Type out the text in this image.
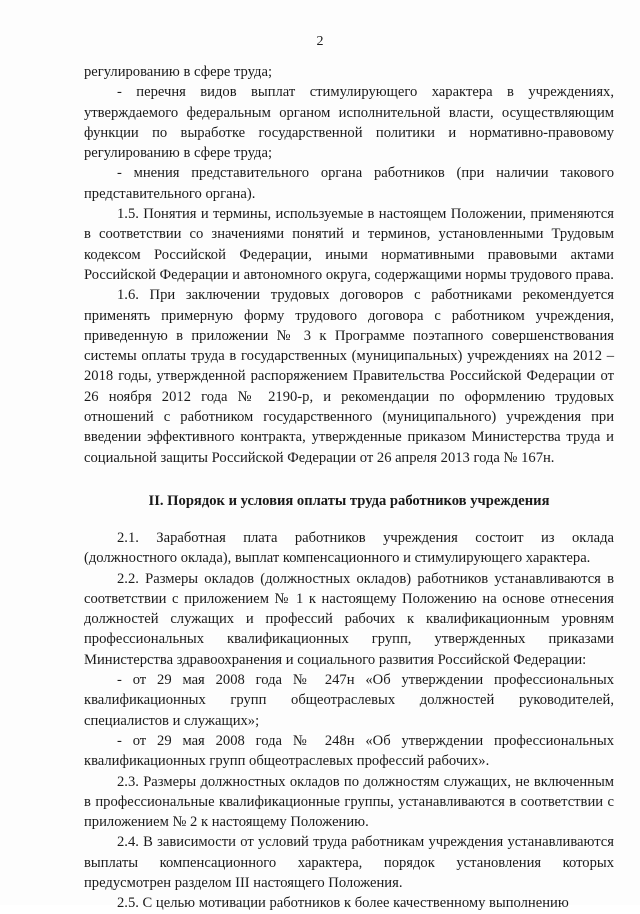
2

регулированию в сфере труда;

- перечня видов выплат стимулирующего характера в учреждениях, утверждаемого федеральным органом исполнительной власти, осуществляющим функции по выработке государственной политики и нормативно-правовому регулированию в сфере труда;

- мнения представительного органа работников (при наличии такового представительного органа).

1.5. Понятия и термины, используемые в настоящем Положении, применяются в соответствии со значениями понятий и терминов, установленными Трудовым кодексом Российской Федерации, иными нормативными правовыми актами Российской Федерации и автономного округа, содержащими нормы трудового права.

1.6. При заключении трудовых договоров с работниками рекомендуется применять примерную форму трудового договора с работником учреждения, приведенную в приложении № 3 к Программе поэтапного совершенствования системы оплаты труда в государственных (муниципальных) учреждениях на 2012 – 2018 годы, утвержденной распоряжением Правительства Российской Федерации от 26 ноября 2012 года № 2190-р, и рекомендации по оформлению трудовых отношений с работником государственного (муниципального) учреждения при введении эффективного контракта, утвержденные приказом Министерства труда и социальной защиты Российской Федерации от 26 апреля 2013 года № 167н.

II. Порядок и условия оплаты труда работников учреждения

2.1. Заработная плата работников учреждения состоит из оклада (должностного оклада), выплат компенсационного и стимулирующего характера.

2.2. Размеры окладов (должностных окладов) работников устанавливаются в соответствии с приложением № 1 к настоящему Положению на основе отнесения должностей служащих и профессий рабочих к квалификационным уровням профессиональных квалификационных групп, утвержденных приказами Министерства здравоохранения и социального развития Российской Федерации:

- от 29 мая 2008 года № 247н «Об утверждении профессиональных квалификационных групп общеотраслевых должностей руководителей, специалистов и служащих»;

- от 29 мая 2008 года № 248н «Об утверждении профессиональных квалификационных групп общеотраслевых профессий рабочих».

2.3. Размеры должностных окладов по должностям служащих, не включенным в профессиональные квалификационные группы, устанавливаются в соответствии с приложением № 2 к настоящему Положению.

2.4. В зависимости от условий труда работникам учреждения устанавливаются выплаты компенсационного характера, порядок установления которых предусмотрен разделом III настоящего Положения.

2.5. С целью мотивации работников к более качественному выполнению
